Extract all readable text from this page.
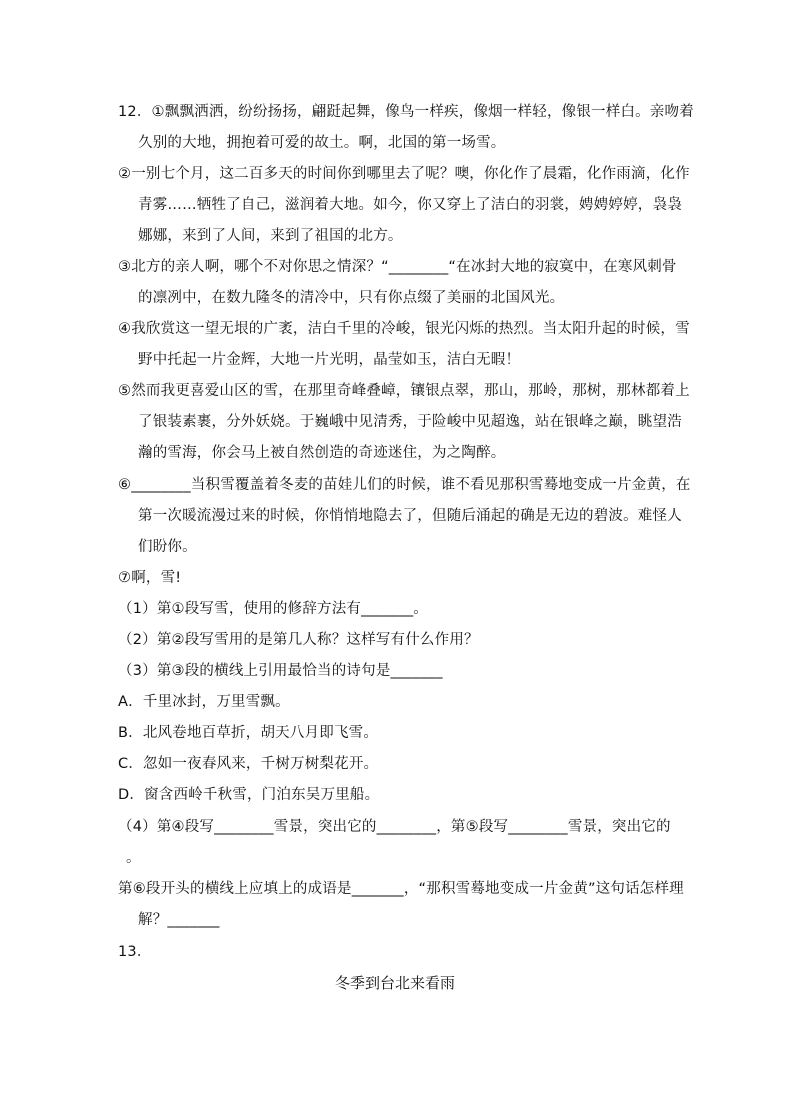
12．①飘飘洒洒，纷纷扬扬，翩跹起舞，像鸟一样疾，像烟一样轻，像银一样白。亲吻着
久别的大地，拥抱着可爱的故土。啊，北国的第一场雪。
②一别七个月，这二百多天的时间你到哪里去了呢？噢，你化作了晨霜，化作雨滴，化作
青雾……牺牲了自己，滋润着大地。如今，你又穿上了洁白的羽裳，娉娉婷婷，袅袅
娜娜，来到了人间，来到了祖国的北方。
③北方的亲人啊，哪个不对你思之情深？“________“在冰封大地的寂寞中，在寒风刺骨
的凛冽中，在数九隆冬的清冷中，只有你点缀了美丽的北国风光。
④我欣赏这一望无垠的广袤，洁白千里的冷峻，银光闪烁的热烈。当太阳升起的时候，雪
野中托起一片金辉，大地一片光明，晶莹如玉，洁白无暇！
⑤然而我更喜爱山区的雪，在那里奇峰叠嶂，镶银点翠，那山，那岭，那树，那林都着上
了银装素裹，分外妖娆。于巍峨中见清秀，于险峻中见超逸，站在银峰之巅，眺望浩
瀚的雪海，你会马上被自然创造的奇迹迷住，为之陶醉。
⑥________当积雪覆盖着冬麦的苗娃儿们的时候，谁不看见那积雪蓦地变成一片金黄，在
第一次暖流漫过来的时候，你悄悄地隐去了，但随后涌起的确是无边的碧波。难怪人
们盼你。
⑦啊，雪!
（1）第①段写雪，使用的修辞方法有_______。
（2）第②段写雪用的是第几人称？这样写有什么作用？
（3）第③段的横线上引用最恰当的诗句是_______
A．千里冰封，万里雪飘。
B．北风卷地百草折，胡天八月即飞雪。
C．忽如一夜春风来，千树万树梨花开。
D．窗含西岭千秋雪，门泊东吴万里船。
（4）第④段写________雪景，突出它的________，第⑤段写________雪景，突出它的
。
第⑥段开头的横线上应填上的成语是_______，“那积雪蓦地变成一片金黄”这句话怎样理
解？_______
13．
冬季到台北来看雨
